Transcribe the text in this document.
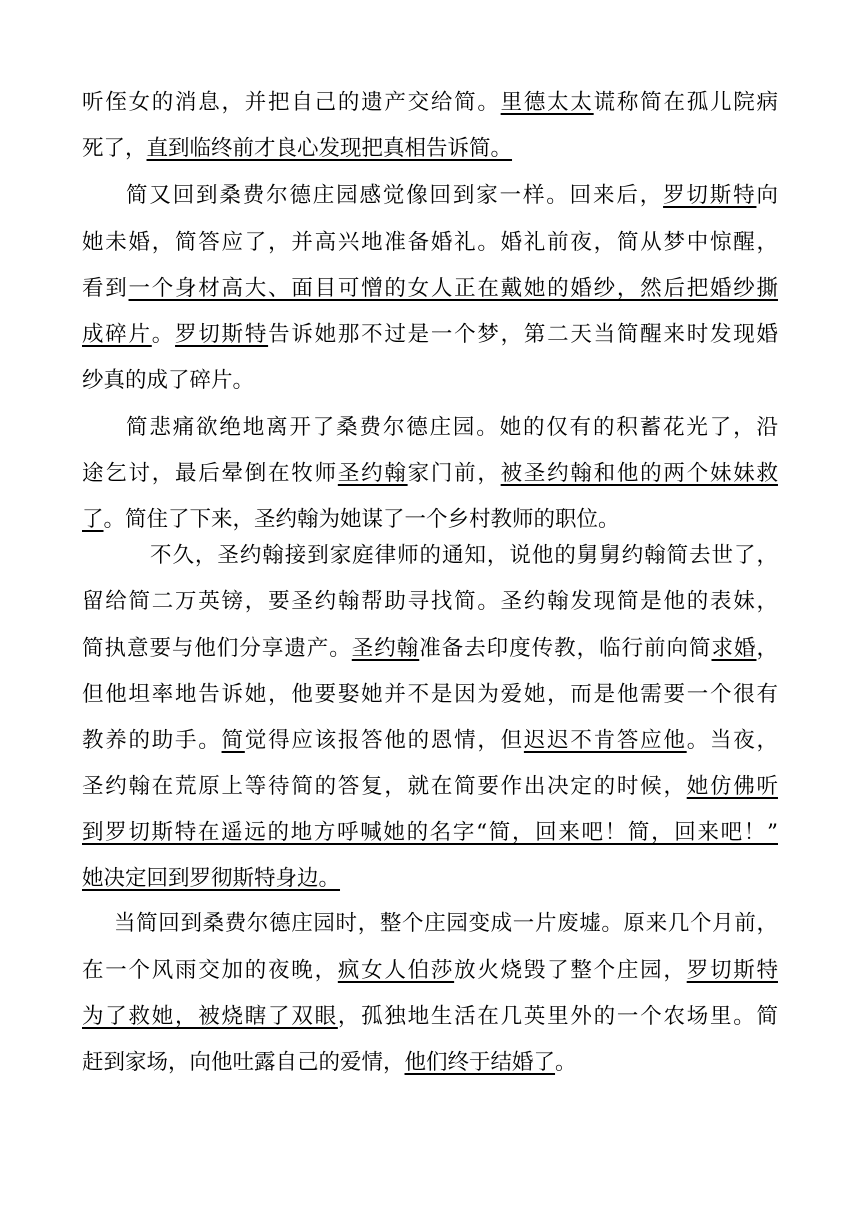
听侄女的消息，并把自己的遗产交给简。里德太太谎称简在孤儿院病
死了，直到临终前才良心发现把真相告诉简。
简又回到桑费尔德庄园感觉像回到家一样。回来后，罗切斯特向
她未婚，简答应了，并高兴地准备婚礼。婚礼前夜，简从梦中惊醒，
看到一个身材高大、面目可憎的女人正在戴她的婚纱，然后把婚纱撕
成碎片。罗切斯特告诉她那不过是一个梦，第二天当简醒来时发现婚
纱真的成了碎片。
简悲痛欲绝地离开了桑费尔德庄园。她的仅有的积蓄花光了，沿
途乞讨，最后晕倒在牧师圣约翰家门前，被圣约翰和他的两个妹妹救
了。简住了下来，圣约翰为她谋了一个乡村教师的职位。
不久，圣约翰接到家庭律师的通知，说他的舅舅约翰简去世了，
留给简二万英镑，要圣约翰帮助寻找简。圣约翰发现简是他的表妹，
简执意要与他们分享遗产。圣约翰准备去印度传教，临行前向简求婚，
但他坦率地告诉她，他要娶她并不是因为爱她，而是他需要一个很有
教养的助手。简觉得应该报答他的恩情，但迟迟不肯答应他。当夜，
圣约翰在荒原上等待简的答复，就在简要作出决定的时候，她仿佛听
到罗切斯特在遥远的地方呼喊她的名字“简，回来吧！简，回来吧！”
她决定回到罗彻斯特身边。
当简回到桑费尔德庄园时，整个庄园变成一片废墟。原来几个月前，
在一个风雨交加的夜晚，疯女人伯莎放火烧毁了整个庄园，罗切斯特
为了救她，被烧瞎了双眼，孤独地生活在几英里外的一个农场里。简
赶到家场，向他吐露自己的爱情，他们终于结婚了。
